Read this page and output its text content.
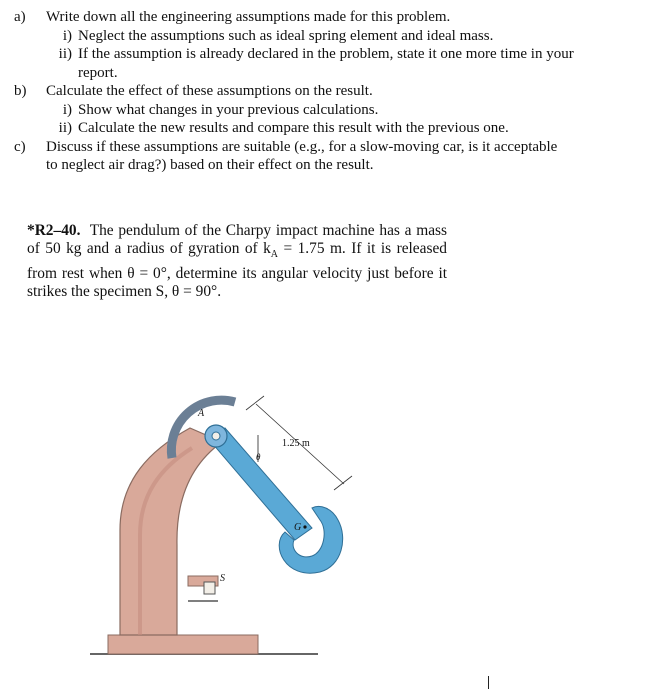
a)	Write down all the engineering assumptions made for this problem.
i) Neglect the assumptions such as ideal spring element and ideal mass.
ii) If the assumption is already declared in the problem, state it one more time in your
report.
b)	Calculate the effect of these assumptions on the result.
i) Show what changes in your previous calculations.
ii) Calculate the new results and compare this result with the previous one.
c)	Discuss if these assumptions are suitable (e.g., for a slow-moving car, is it acceptable
to neglect air drag?) based on their effect on the result.
*R2–40. The pendulum of the Charpy impact machine has a mass of 50 kg and a radius of gyration of $k_A = 1.75$ m. If it is released from rest when θ = 0°, determine its angular velocity just before it strikes the specimen S, θ = 90°.
A
θ
1.25 m
G
S
